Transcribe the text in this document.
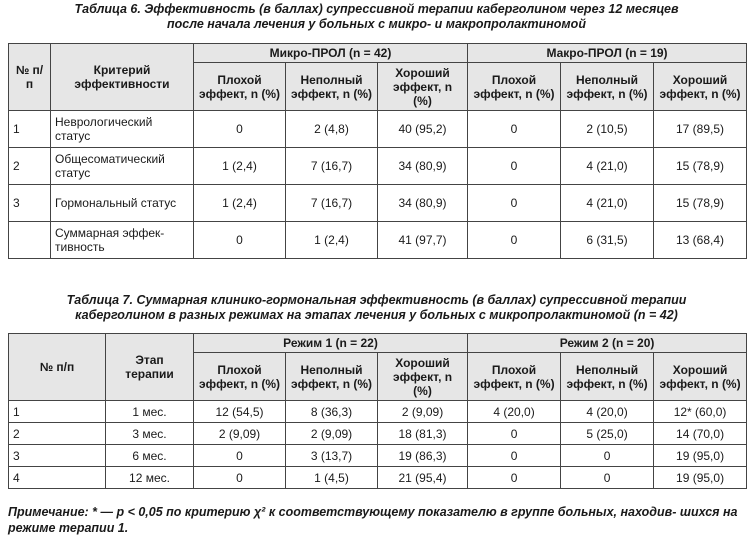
Таблица 6. Эффективность (в баллах) супрессивной терапии каберголином через 12 месяцев
после начала лечения у больных с микро- и макропролактиномой
№ п/п	Критерий эффективности	Микро-ПРОЛ (n = 42)			Макро-ПРОЛ (n = 19)		
		Плохой эффект, n (%)	Неполный эффект, n (%)	Хороший эффект, n (%)	Плохой эффект, n (%)	Неполный эффект, n (%)	Хороший эффект, n (%)
1	Неврологический статус	0	2 (4,8)	40 (95,2)	0	2 (10,5)	17 (89,5)
2	Общесоматический статус	1 (2,4)	7 (16,7)	34 (80,9)	0	4 (21,0)	15 (78,9)
3	Гормональный статус	1 (2,4)	7 (16,7)	34 (80,9)	0	4 (21,0)	15 (78,9)
	Суммарная эффек- тивность	0	1 (2,4)	41 (97,7)	0	6 (31,5)	13 (68,4)
Таблица 7. Суммарная клинико-гормональная эффективность (в баллах) супрессивной терапии
каберголином в разных режимах на этапах лечения у больных с микропролактиномой (n = 42)
№ п/п	Этап терапии	Режим 1 (n = 22)			Режим 2 (n = 20)		
		Плохой эффект, n (%)	Неполный эффект, n (%)	Хороший эффект, n (%)	Плохой эффект, n (%)	Неполный эффект, n (%)	Хороший эффект, n (%)
1	1 мес.	12 (54,5)	8 (36,3)	2 (9,09)	4 (20,0)	4 (20,0)	12* (60,0)
2	3 мес.	2 (9,09)	2 (9,09)	18 (81,3)	0	5 (25,0)	14 (70,0)
3	6 мес.	0	3 (13,7)	19 (86,3)	0	0	19 (95,0)
4	12 мес.	0	1 (4,5)	21 (95,4)	0	0	19 (95,0)
Примечание: * — p < 0,05 по критерию χ² к соответствующему показателю в группе больных, находив- шихся на режиме терапии 1.
